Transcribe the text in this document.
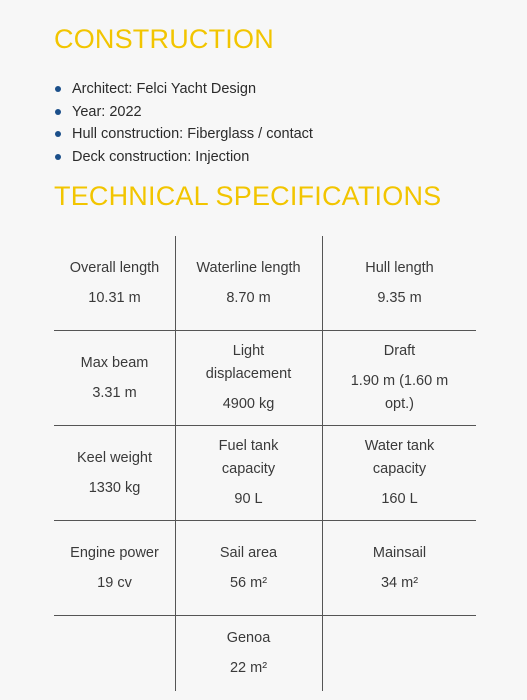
CONSTRUCTION
Architect: Felci Yacht Design
Year: 2022
Hull construction: Fiberglass / contact
Deck construction: Injection
TECHNICAL SPECIFICATIONS
Overall length
10.31 m
Waterline length
8.70 m
Hull length
9.35 m
Max beam
3.31 m
Light displacement
4900 kg
Draft
1.90 m (1.60 m opt.)
Keel weight
1330 kg
Fuel tank capacity
90 L
Water tank capacity
160 L
Engine power
19 cv
Sail area
56 m²
Mainsail
34 m²
Genoa
22 m²
